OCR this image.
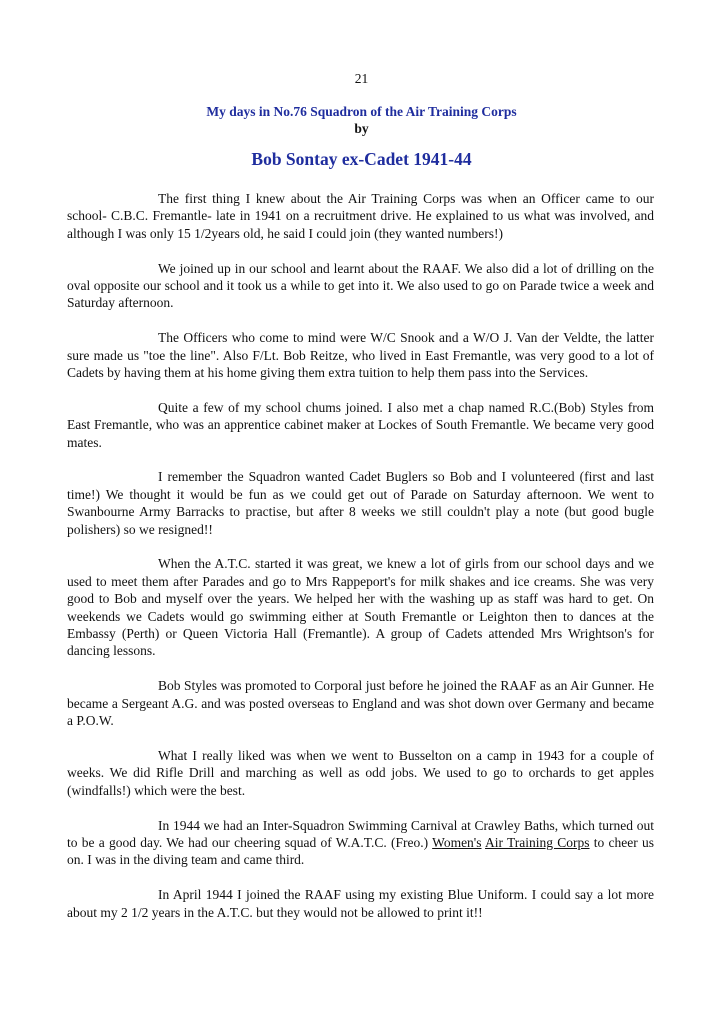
21
My days in No.76 Squadron of the Air Training Corps
by
Bob Sontay ex-Cadet 1941-44

The first thing I knew about the Air Training Corps was when an Officer came to our school- C.B.C. Fremantle- late in 1941 on a recruitment drive. He explained to us what was involved, and although I was only 15 1/2years old, he said I could join (they wanted numbers!)

We joined up in our school and learnt about the RAAF. We also did a lot of drilling on the oval opposite our school and it took us a while to get into it. We also used to go on Parade twice a week and Saturday afternoon.

The Officers who come to mind were W/C Snook and a W/O J. Van der Veldte, the latter sure made us "toe the line". Also F/Lt. Bob Reitze, who lived in East Fremantle, was very good to a lot of Cadets by having them at his home giving them extra tuition to help them pass into the Services.

Quite a few of my school chums joined. I also met a chap named R.C.(Bob) Styles from East Fremantle, who was an apprentice cabinet maker at Lockes of South Fremantle. We became very good mates.

I remember the Squadron wanted Cadet Buglers so Bob and I volunteered (first and last time!) We thought it would be fun as we could get out of Parade on Saturday afternoon. We went to Swanbourne Army Barracks to practise, but after 8 weeks we still couldn't play a note (but good bugle polishers) so we resigned!!

When the A.T.C. started it was great, we knew a lot of girls from our school days and we used to meet them after Parades and go to Mrs Rappeport's for milk shakes and ice creams. She was very good to Bob and myself over the years. We helped her with the washing up as staff was hard to get. On weekends we Cadets would go swimming either at South Fremantle or Leighton then to dances at the Embassy (Perth) or Queen Victoria Hall (Fremantle). A group of Cadets attended Mrs Wrightson's for dancing lessons.

Bob Styles was promoted to Corporal just before he joined the RAAF as an Air Gunner. He became a Sergeant A.G. and was posted overseas to England and was shot down over Germany and became a P.O.W.

What I really liked was when we went to Busselton on a camp in 1943 for a couple of weeks. We did Rifle Drill and marching as well as odd jobs. We used to go to orchards to get apples (windfalls!) which were the best.

In 1944 we had an Inter-Squadron Swimming Carnival at Crawley Baths, which turned out to be a good day. We had our cheering squad of W.A.T.C. (Freo.) Women's Air Training Corps to cheer us on. I was in the diving team and came third.

In April 1944 I joined the RAAF using my existing Blue Uniform. I could say a lot more about my 2 1/2 years in the A.T.C. but they would not be allowed to print it!!
